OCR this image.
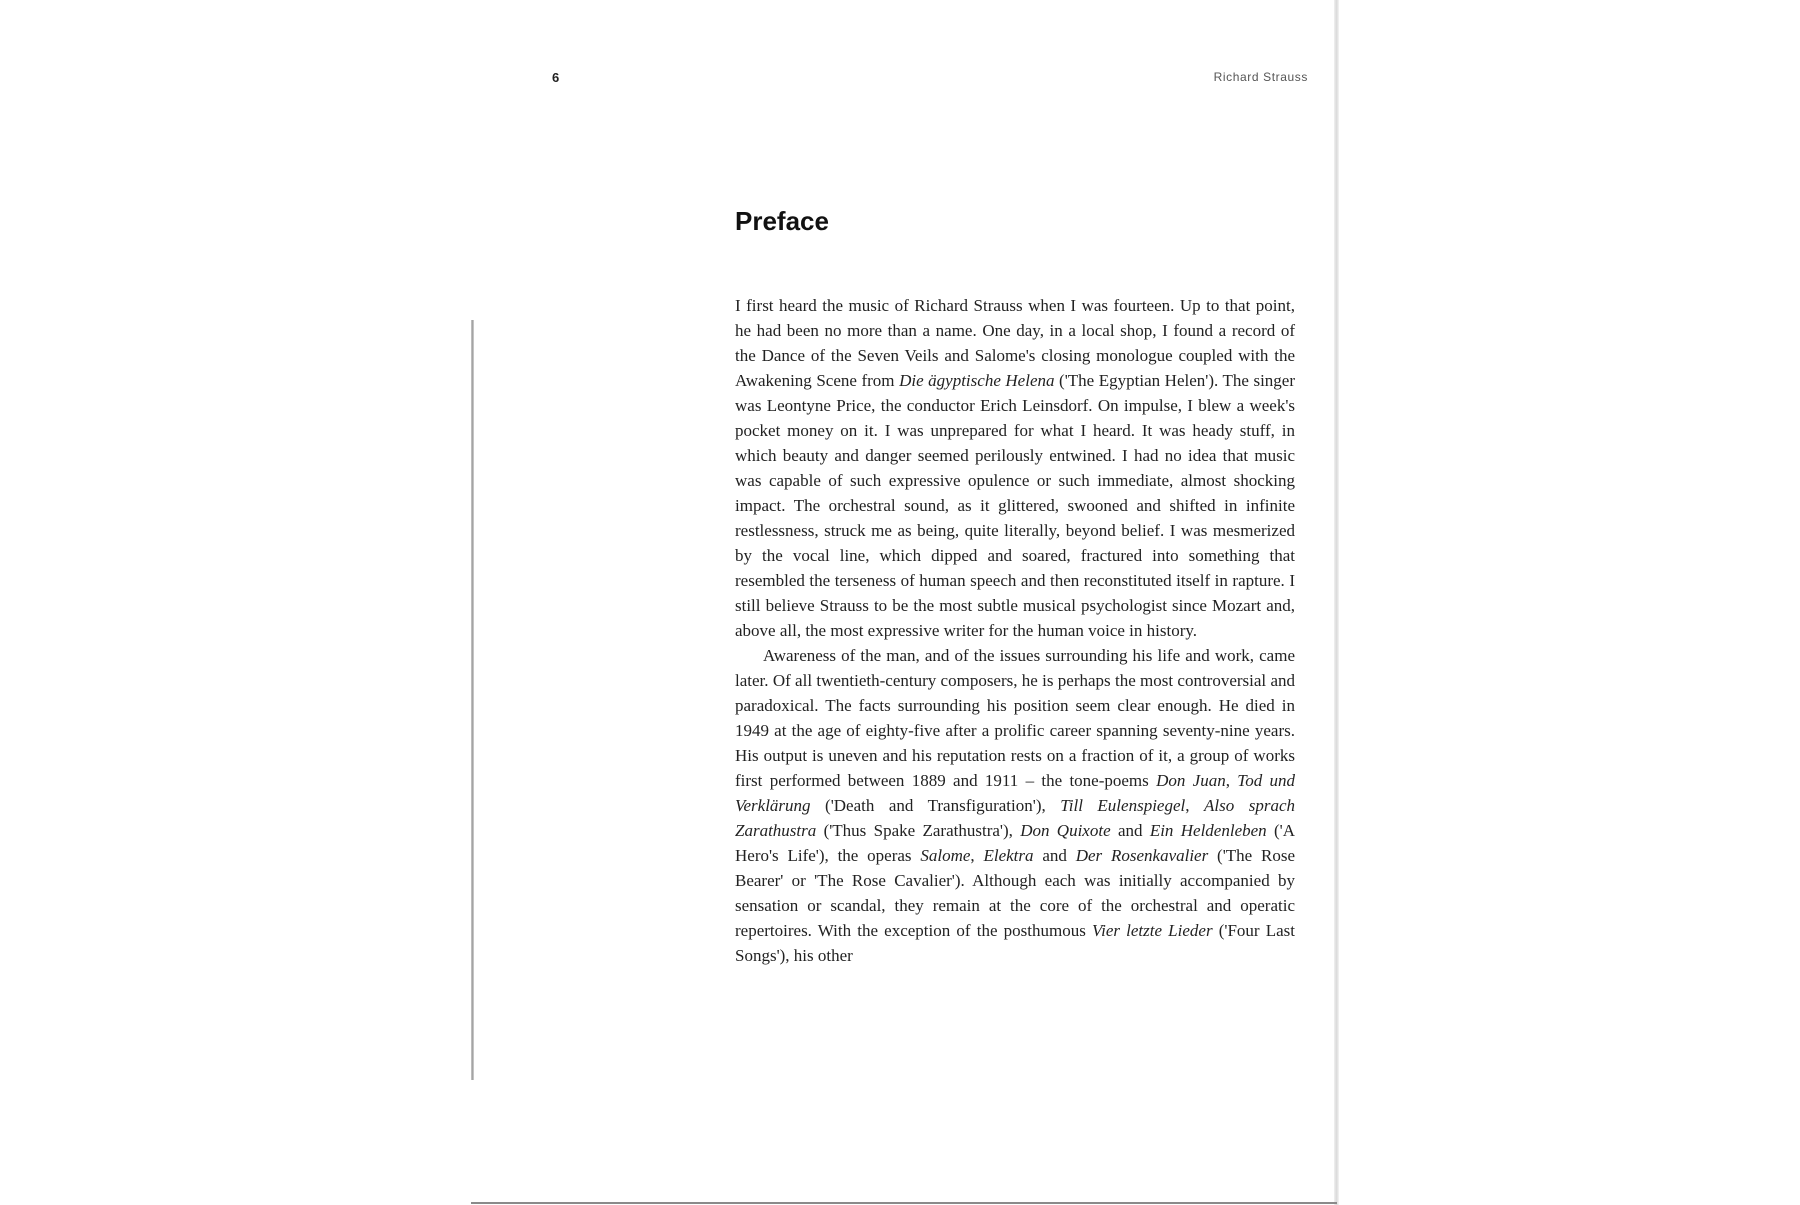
6	Richard Strauss
Preface

I first heard the music of Richard Strauss when I was fourteen. Up to that point, he had been no more than a name. One day, in a local shop, I found a record of the Dance of the Seven Veils and Salome's closing monologue coupled with the Awakening Scene from Die ägyptische Helena ('The Egyptian Helen'). The singer was Leontyne Price, the conductor Erich Leinsdorf. On impulse, I blew a week's pocket money on it. I was unprepared for what I heard. It was heady stuff, in which beauty and danger seemed perilously entwined. I had no idea that music was capable of such expressive opulence or such immediate, almost shocking impact. The orchestral sound, as it glittered, swooned and shifted in infinite restlessness, struck me as being, quite literally, beyond belief. I was mesmerized by the vocal line, which dipped and soared, fractured into something that resembled the terseness of human speech and then reconstituted itself in rapture. I still believe Strauss to be the most subtle musical psychologist since Mozart and, above all, the most expressive writer for the human voice in history.

Awareness of the man, and of the issues surrounding his life and work, came later. Of all twentieth-century composers, he is perhaps the most controversial and paradoxical. The facts surrounding his position seem clear enough. He died in 1949 at the age of eighty-five after a prolific career spanning seventy-nine years. His output is uneven and his reputation rests on a fraction of it, a group of works first performed between 1889 and 1911 – the tone-poems Don Juan, Tod und Verklärung ('Death and Transfiguration'), Till Eulenspiegel, Also sprach Zarathustra ('Thus Spake Zarathustra'), Don Quixote and Ein Heldenleben ('A Hero's Life'), the operas Salome, Elektra and Der Rosenkavalier ('The Rose Bearer' or 'The Rose Cavalier'). Although each was initially accompanied by sensation or scandal, they remain at the core of the orchestral and operatic repertoires. With the exception of the posthumous Vier letzte Lieder ('Four Last Songs'), his other
